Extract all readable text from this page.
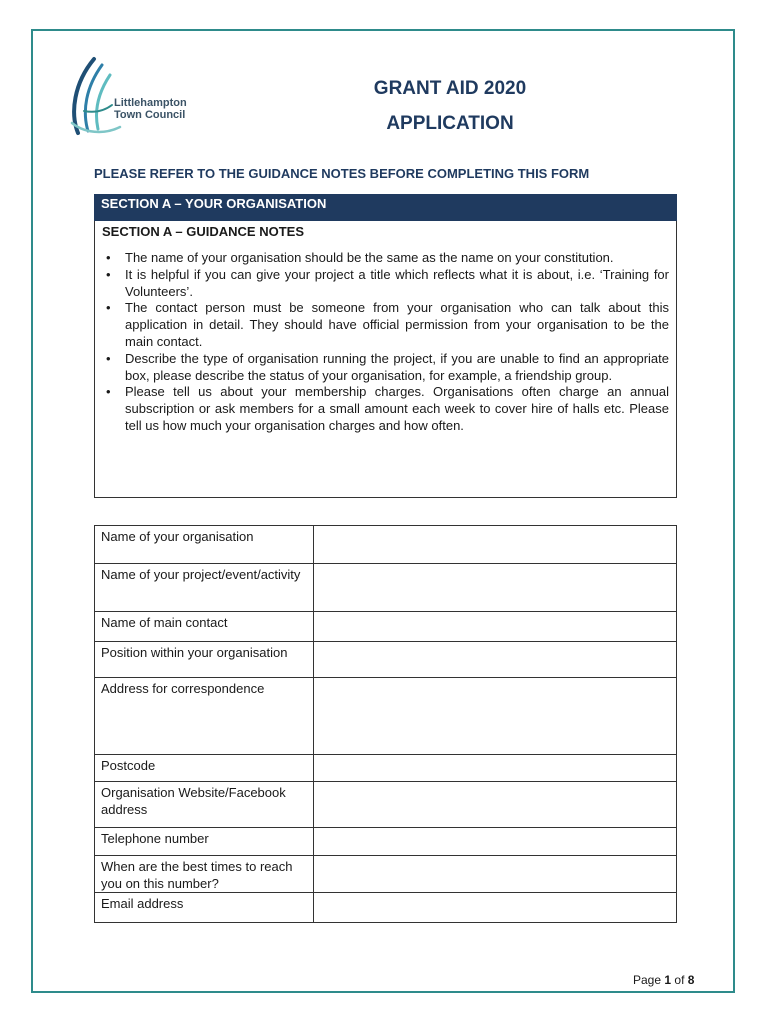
Littlehampton
Town Council
GRANT AID 2020
APPLICATION
PLEASE REFER TO THE GUIDANCE NOTES BEFORE COMPLETING THIS FORM
SECTION A – YOUR ORGANISATION
SECTION A – GUIDANCE NOTES
• The name of your organisation should be the same as the name on your constitution.
• It is helpful if you can give your project a title which reflects what it is about, i.e. ‘Training for Volunteers’.
• The contact person must be someone from your organisation who can talk about this application in detail. They should have official permission from your organisation to be the main contact.
• Describe the type of organisation running the project, if you are unable to find an appropriate box, please describe the status of your organisation, for example, a friendship group.
• Please tell us about your membership charges. Organisations often charge an annual subscription or ask members for a small amount each week to cover hire of halls etc. Please tell us how much your organisation charges and how often.
Name of your organisation	
Name of your project/event/activity	
Name of main contact	
Position within your organisation	
Address for correspondence	
Postcode	
Organisation Website/Facebook address	
Telephone number	
When are the best times to reach you on this number?	
Email address	
Page 1 of 8
